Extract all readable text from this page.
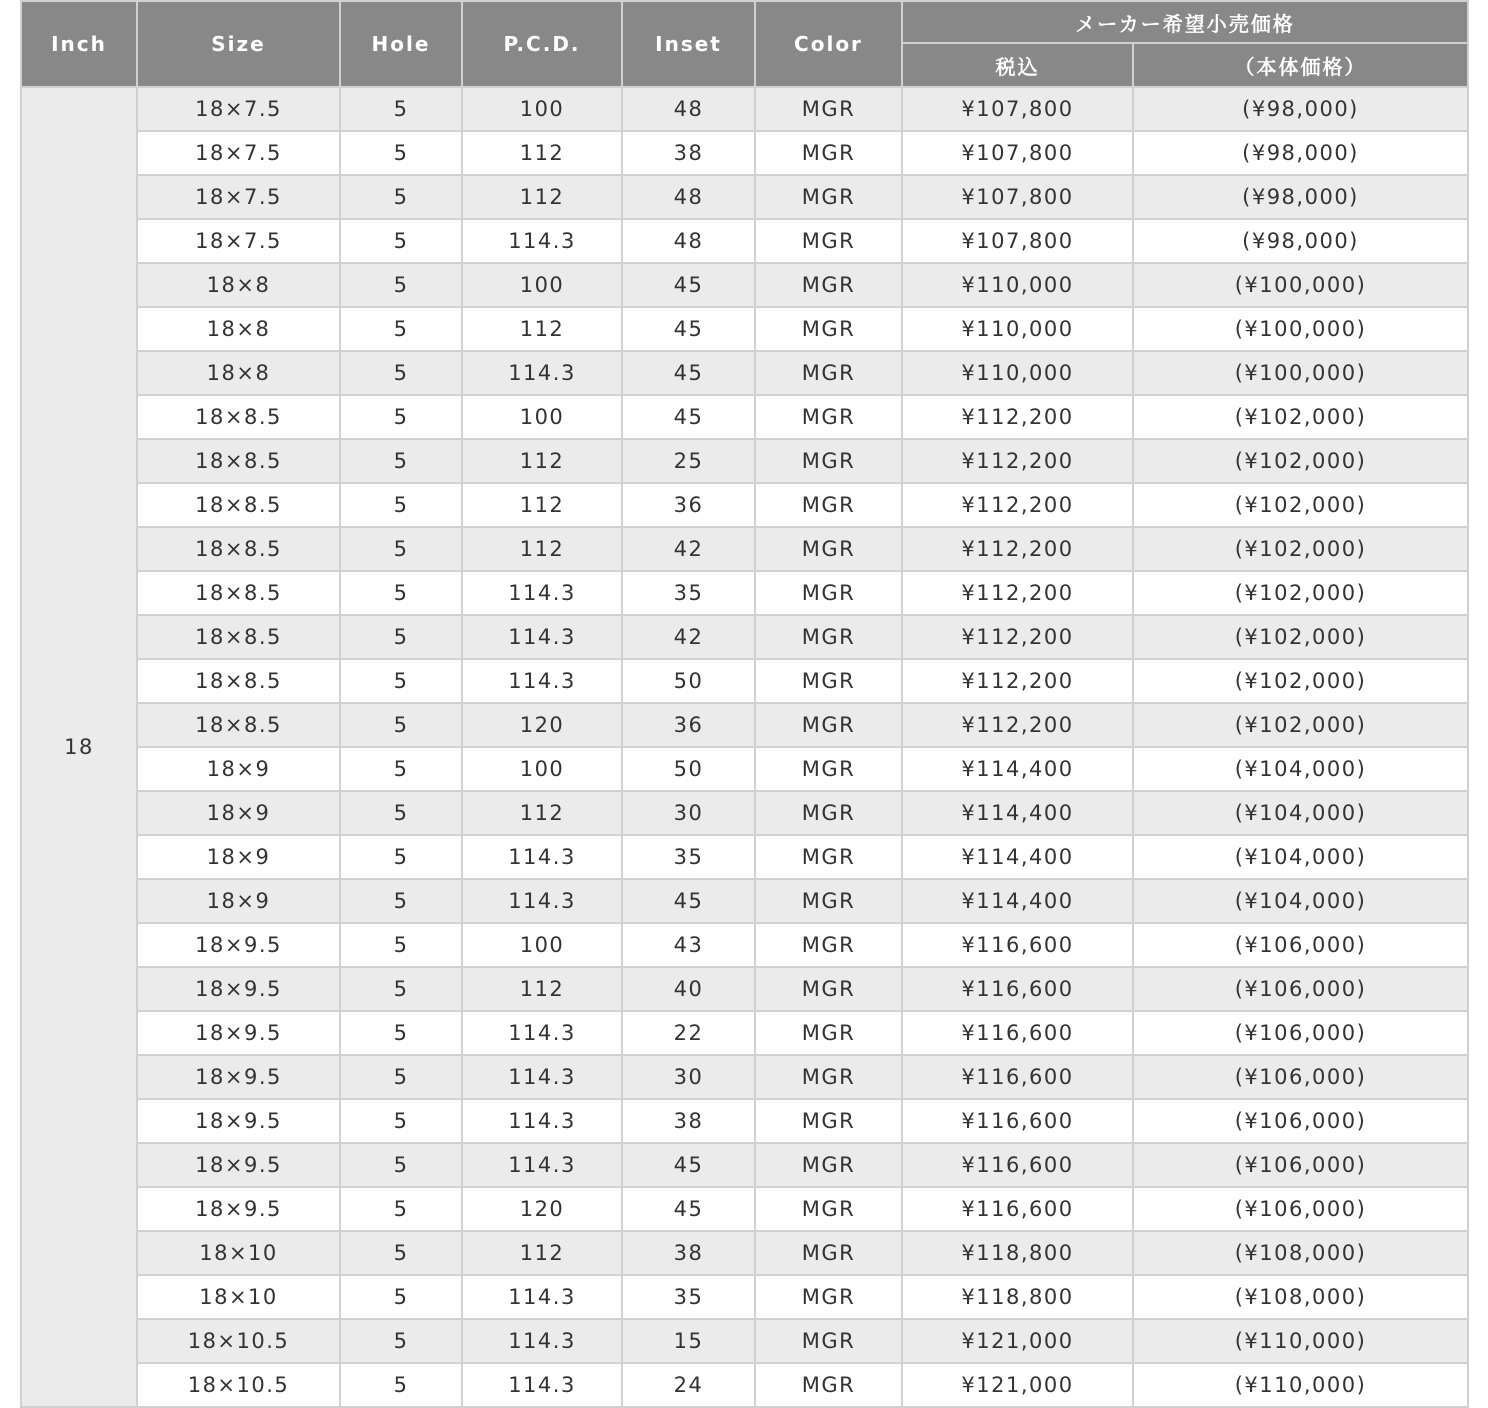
Inch	Size	Hole	P.C.D.	Inset	Color	メーカー希望小売価格	
						税込	（本体価格）
18	18×7.5	5	100	48	MGR	¥107,800	(¥98,000)
	18×7.5	5	112	38	MGR	¥107,800	(¥98,000)
	18×7.5	5	112	48	MGR	¥107,800	(¥98,000)
	18×7.5	5	114.3	48	MGR	¥107,800	(¥98,000)
	18×8	5	100	45	MGR	¥110,000	(¥100,000)
	18×8	5	112	45	MGR	¥110,000	(¥100,000)
	18×8	5	114.3	45	MGR	¥110,000	(¥100,000)
	18×8.5	5	100	45	MGR	¥112,200	(¥102,000)
	18×8.5	5	112	25	MGR	¥112,200	(¥102,000)
	18×8.5	5	112	36	MGR	¥112,200	(¥102,000)
	18×8.5	5	112	42	MGR	¥112,200	(¥102,000)
	18×8.5	5	114.3	35	MGR	¥112,200	(¥102,000)
	18×8.5	5	114.3	42	MGR	¥112,200	(¥102,000)
	18×8.5	5	114.3	50	MGR	¥112,200	(¥102,000)
	18×8.5	5	120	36	MGR	¥112,200	(¥102,000)
	18×9	5	100	50	MGR	¥114,400	(¥104,000)
	18×9	5	112	30	MGR	¥114,400	(¥104,000)
	18×9	5	114.3	35	MGR	¥114,400	(¥104,000)
	18×9	5	114.3	45	MGR	¥114,400	(¥104,000)
	18×9.5	5	100	43	MGR	¥116,600	(¥106,000)
	18×9.5	5	112	40	MGR	¥116,600	(¥106,000)
	18×9.5	5	114.3	22	MGR	¥116,600	(¥106,000)
	18×9.5	5	114.3	30	MGR	¥116,600	(¥106,000)
	18×9.5	5	114.3	38	MGR	¥116,600	(¥106,000)
	18×9.5	5	114.3	45	MGR	¥116,600	(¥106,000)
	18×9.5	5	120	45	MGR	¥116,600	(¥106,000)
	18×10	5	112	38	MGR	¥118,800	(¥108,000)
	18×10	5	114.3	35	MGR	¥118,800	(¥108,000)
	18×10.5	5	114.3	15	MGR	¥121,000	(¥110,000)
	18×10.5	5	114.3	24	MGR	¥121,000	(¥110,000)
